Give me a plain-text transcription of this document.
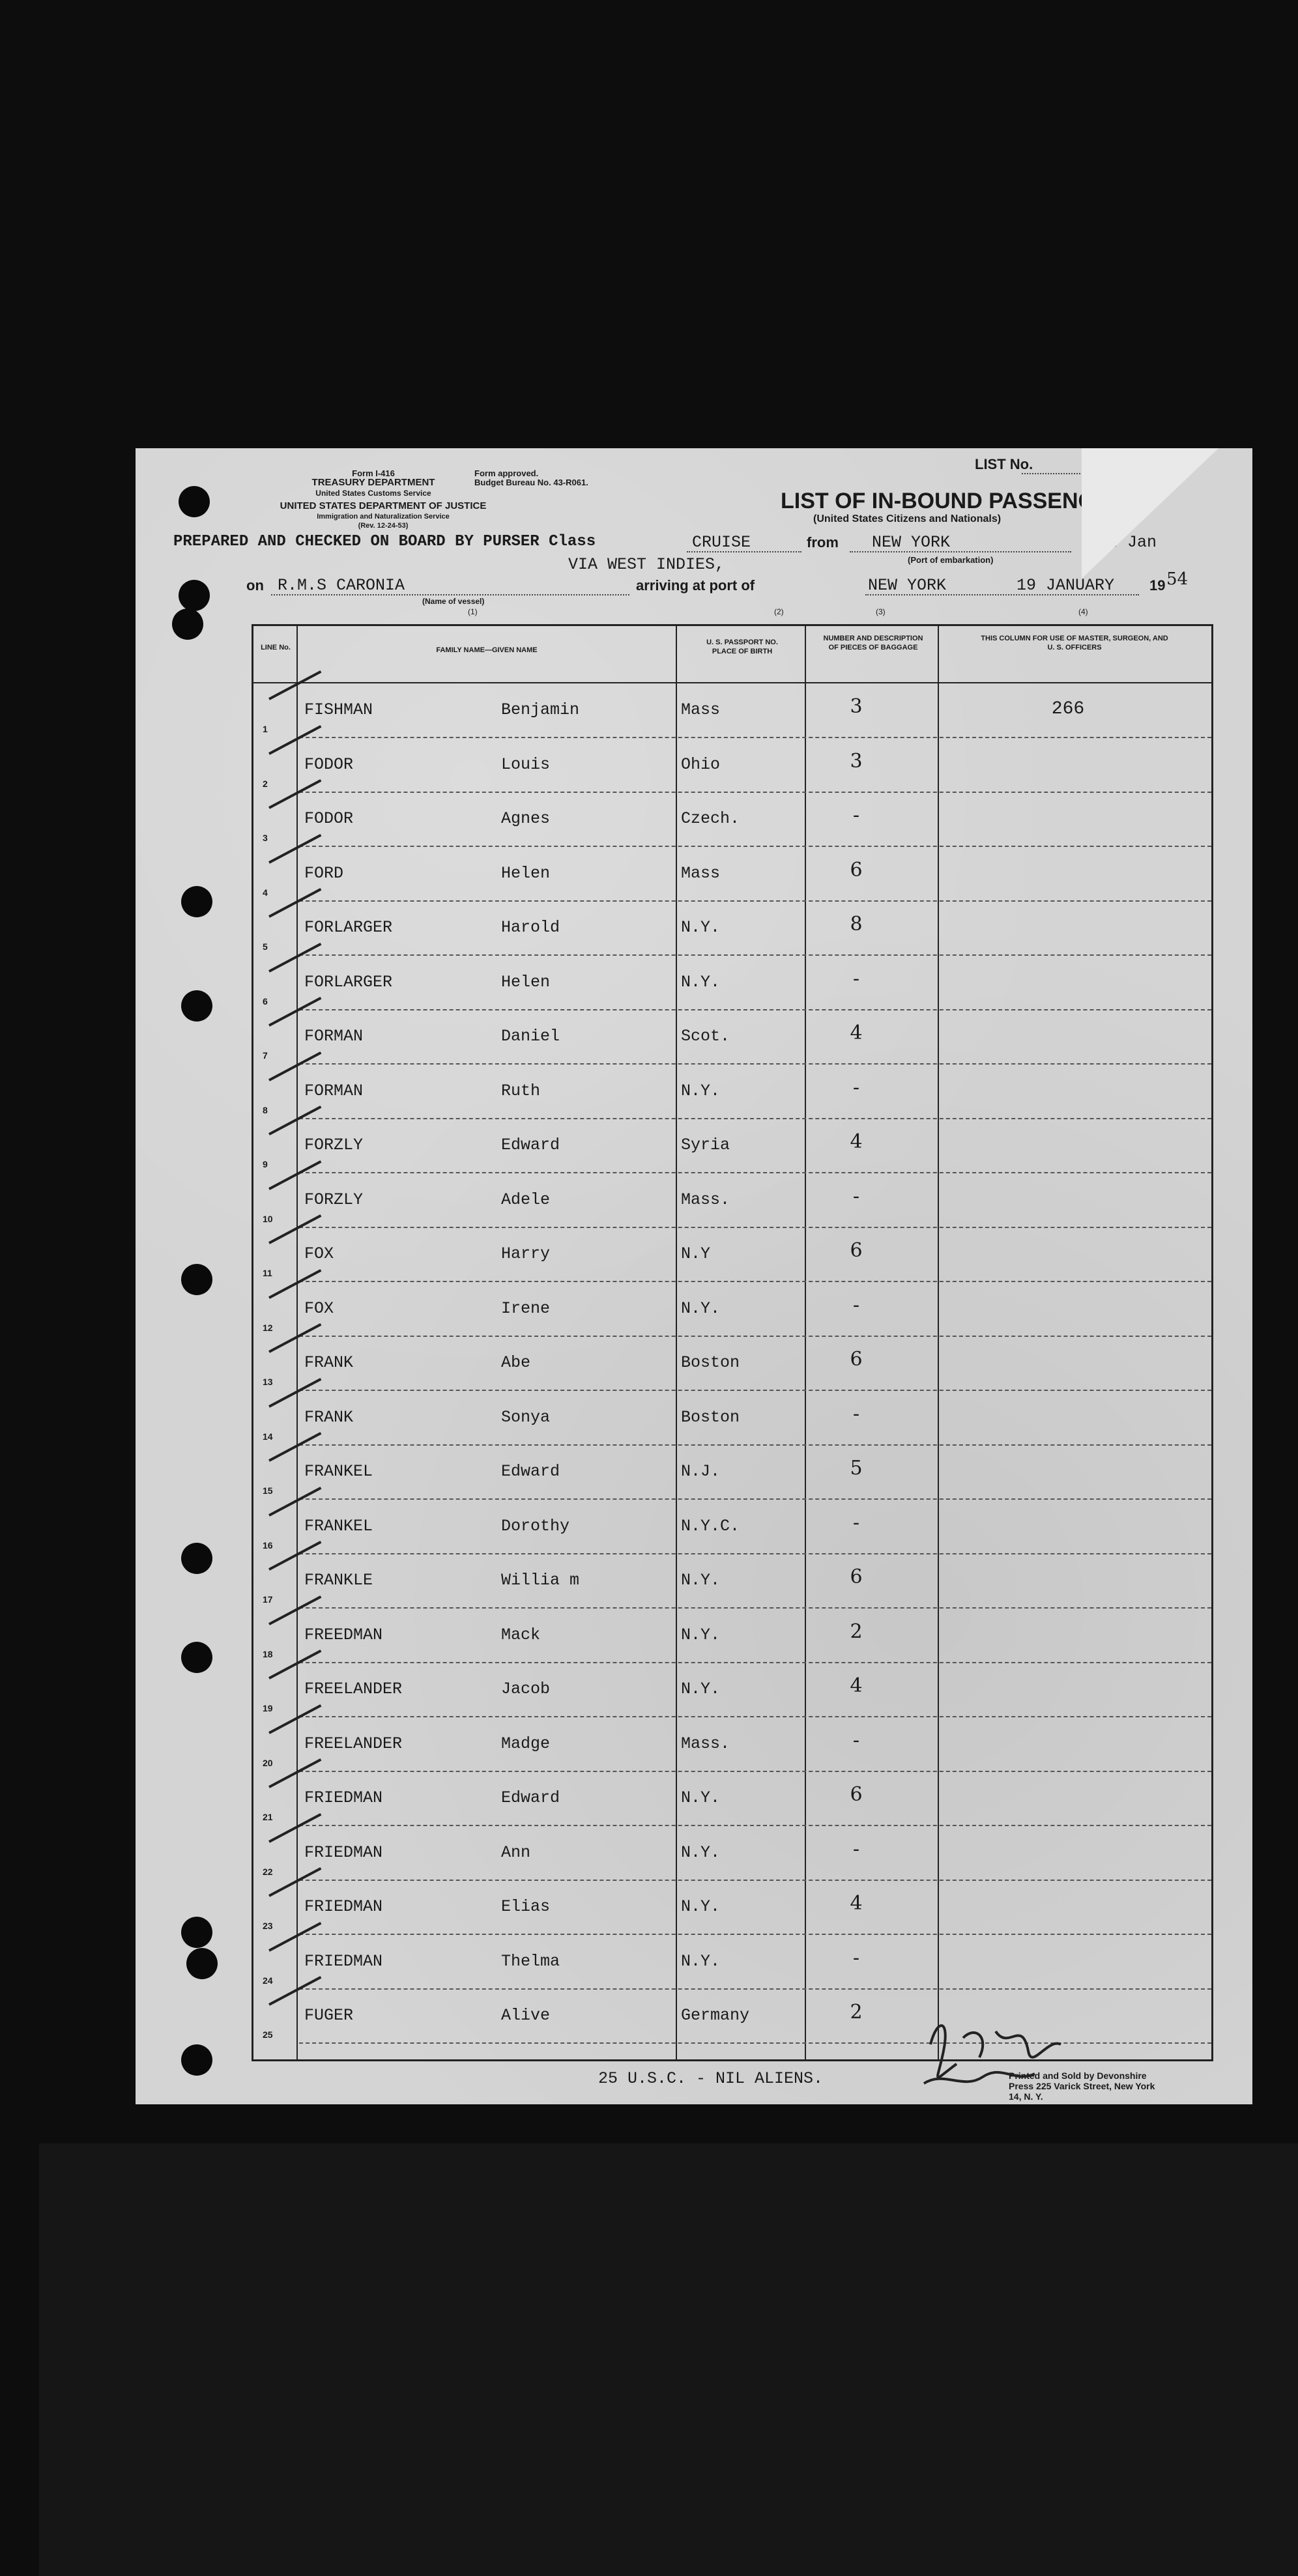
Form I-416
TREASURY DEPARTMENT
United States Customs Service
Form approved.
Budget Bureau No. 43-R061.
UNITED STATES DEPARTMENT OF JUSTICE
Immigration and Naturalization Service
(Rev. 12-24-53)
LIST No.
LIST OF IN-BOUND PASSENGERS
(United States Citizens and Nationals)
PREPARED AND CHECKED ON BOARD BY PURSER Class	CRUISE	from NEW YORK	6th Jan
VIA WEST INDIES,	(Port of embarkation)
on R.M.S CARONIA
(Name of vessel)
arriving at port of	NEW YORK	19 JANUARY 19 54
(1)	(2)	(3)	(4)
LINE No.	FAMILY NAME—GIVEN NAME
U. S. PASSPORT NO. PLACE OF BIRTH
NUMBER AND DESCRIPTION OF PIECES OF BAGGAGE
THIS COLUMN FOR USE OF MASTER, SURGEON, AND U. S. OFFICERS
1
FISHMAN	Benjamin	Mass	3	266
2
FODOR	Louis	Ohio	3
3
FODOR	Agnes	Czech.	-
4
FORD	Helen	Mass	6
5
FORLARGER	Harold	N.Y.	8
6
FORLARGER	Helen	N.Y.	-
7
FORMAN	Daniel	Scot.	4
8
FORMAN	Ruth	N.Y.	-
9
FORZLY	Edward	Syria	4
10
FORZLY	Adele	Mass.	-
11
FOX	Harry	N.Y	6
12
FOX	Irene	N.Y.	-
13
FRANK	Abe	Boston	6
14
FRANK	Sonya	Boston	-
15
FRANKEL	Edward	N.J.	5
16
FRANKEL	Dorothy	N.Y.C.	-
17
FRANKLE	Willia m	N.Y.	6
18
FREEDMAN	Mack	N.Y.	2
19
FREELANDER	Jacob	N.Y.	4
20
FREELANDER	Madge	Mass.	-
21
FRIEDMAN	Edward	N.Y.	6
22
FRIEDMAN	Ann	N.Y.	-
23
FRIEDMAN	Elias	N.Y.	4
24
FRIEDMAN	Thelma	N.Y.	-
25
FUGER	Alive	Germany	2
25 U.S.C. - NIL ALIENS.	Printed and Sold by Devonshire Press 225 Varick Street, New York 14, N. Y.
